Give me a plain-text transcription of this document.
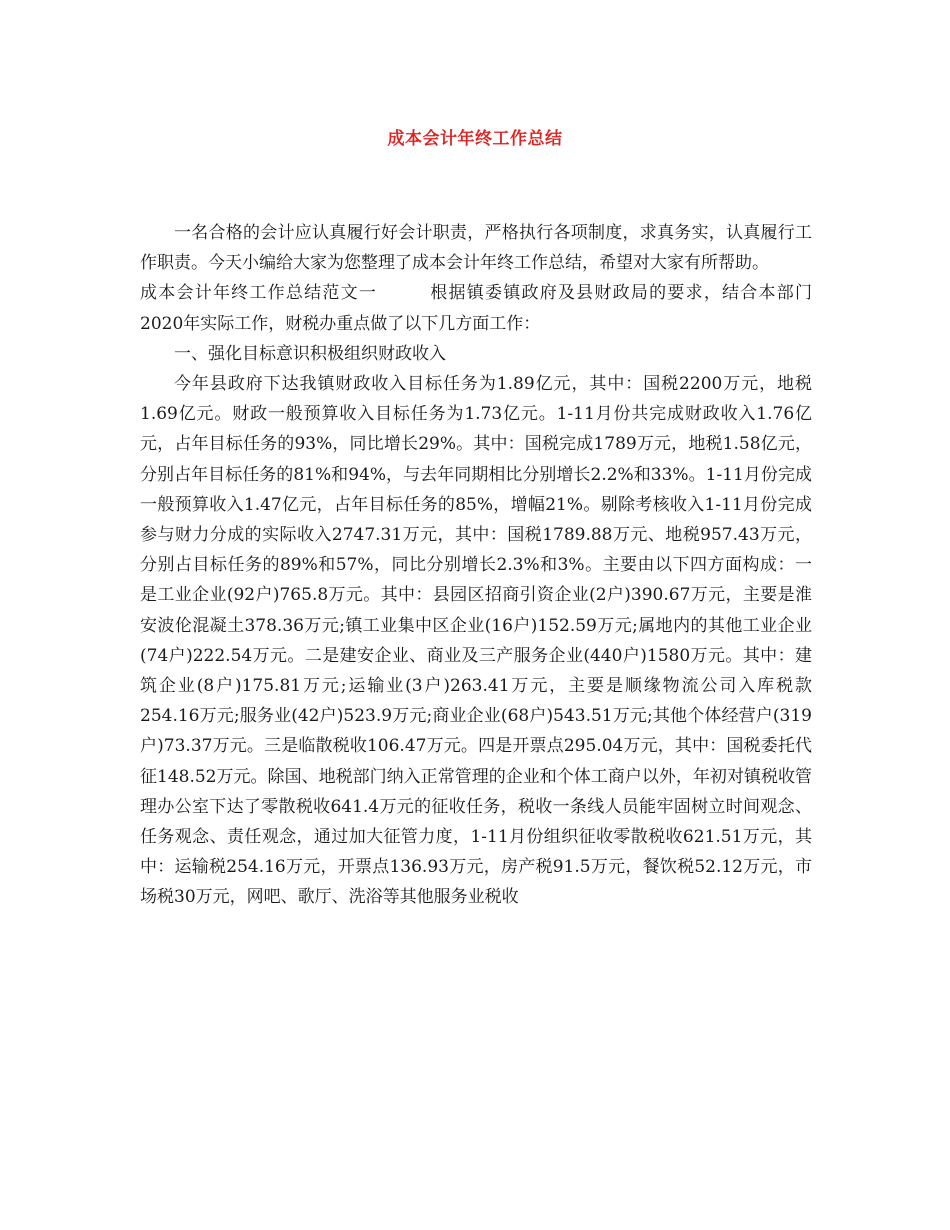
成本会计年终工作总结

一名合格的会计应认真履行好会计职责，严格执行各项制度，求真务实，认真履行工作职责。今天小编给大家为您整理了成本会计年终工作总结，希望对大家有所帮助。

成本会计年终工作总结范文一	根据镇委镇政府及县财政局的要求，结合本部门2020年实际工作，财税办重点做了以下几方面工作：

一、强化目标意识积极组织财政收入

今年县政府下达我镇财政收入目标任务为1.89亿元，其中：国税2200万元，地税1.69亿元。财政一般预算收入目标任务为1.73亿元。1-11月份共完成财政收入1.76亿元，占年目标任务的93%，同比增长29%。其中：国税完成1789万元，地税1.58亿元，分别占年目标任务的81%和94%，与去年同期相比分别增长2.2%和33%。1-11月份完成一般预算收入1.47亿元，占年目标任务的85%，增幅21%。剔除考核收入1-11月份完成参与财力分成的实际收入2747.31万元，其中：国税1789.88万元、地税957.43万元，分别占目标任务的89%和57%，同比分别增长2.3%和3%。主要由以下四方面构成：一是工业企业(92户)765.8万元。其中：县园区招商引资企业(2户)390.67万元，主要是淮安波伦混凝土378.36万元;镇工业集中区企业(16户)152.59万元;属地内的其他工业企业(74户)222.54万元。二是建安企业、商业及三产服务企业(440户)1580万元。其中：建筑企业(8户)175.81万元;运输业(3户)263.41万元，主要是顺缘物流公司入库税款254.16万元;服务业(42户)523.9万元;商业企业(68户)543.51万元;其他个体经营户(319户)73.37万元。三是临散税收106.47万元。四是开票点295.04万元，其中：国税委托代征148.52万元。除国、地税部门纳入正常管理的企业和个体工商户以外，年初对镇税收管理办公室下达了零散税收641.4万元的征收任务，税收一条线人员能牢固树立时间观念、任务观念、责任观念，通过加大征管力度，1-11月份组织征收零散税收621.51万元，其中：运输税254.16万元，开票点136.93万元，房产税91.5万元，餐饮税52.12万元，市场税30万元，网吧、歌厅、洗浴等其他服务业税收
